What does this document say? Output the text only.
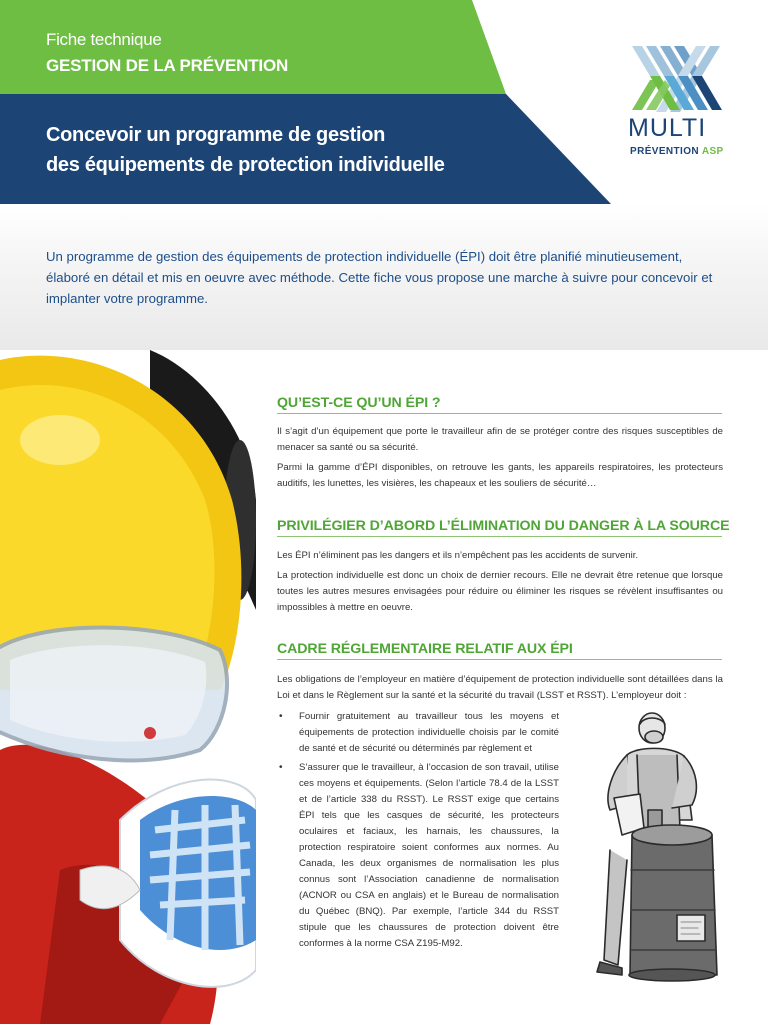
Fiche technique
GESTION DE LA PRÉVENTION
Concevoir un programme de gestion
des équipements de protection individuelle
MULTI
PRÉVENTION ASP
Un programme de gestion des équipements de protection individuelle (ÉPI) doit être planifié minutieusement, élaboré en détail et mis en oeuvre avec méthode. Cette fiche vous propose une marche à suivre pour concevoir et implanter votre programme.
QU’EST-CE QU’UN ÉPI ?
Il s’agit d’un équipement que porte le travailleur afin de se protéger contre des risques susceptibles de menacer sa santé ou sa sécurité.
Parmi la gamme d’ÉPI disponibles, on retrouve les gants, les appareils respiratoires, les protecteurs auditifs, les lunettes, les visières, les chapeaux et les souliers de sécurité…
PRIVILÉGIER D’ABORD L’ÉLIMINATION DU DANGER À LA SOURCE
Les ÉPI n’éliminent pas les dangers et ils n’empêchent pas les accidents de survenir.
La protection individuelle est donc un choix de dernier recours. Elle ne devrait être retenue que lorsque toutes les autres mesures envisagées pour réduire ou éliminer les risques se révèlent insuffisantes ou impossibles à mettre en oeuvre.
CADRE RÉGLEMENTAIRE RELATIF AUX ÉPI
Les obligations de l’employeur en matière d’équipement de protection individuelle sont détaillées dans la Loi et dans le Règlement sur la santé et la sécurité du travail (LSST et RSST). L’employeur doit :
• Fournir gratuitement au travailleur tous les moyens et équipements de protection individuelle choisis par le comité de santé et de sécurité ou déterminés par règlement et
• S’assurer que le travailleur, à l’occasion de son travail, utilise ces moyens et équipements. (Selon l’article 78.4 de la LSST et de l’article 338 du RSST). Le RSST exige que certains ÉPI tels que les casques de sécurité, les protecteurs oculaires et faciaux, les harnais, les chaussures, la protection respiratoire soient conformes aux normes. Au Canada, les deux organismes de normalisation les plus connus sont l’Association canadienne de normalisation (ACNOR ou CSA en anglais) et le Bureau de normalisation du Québec (BNQ). Par exemple, l’article 344 du RSST stipule que les chaussures de protection doivent être conformes à la norme CSA Z195-M92.
